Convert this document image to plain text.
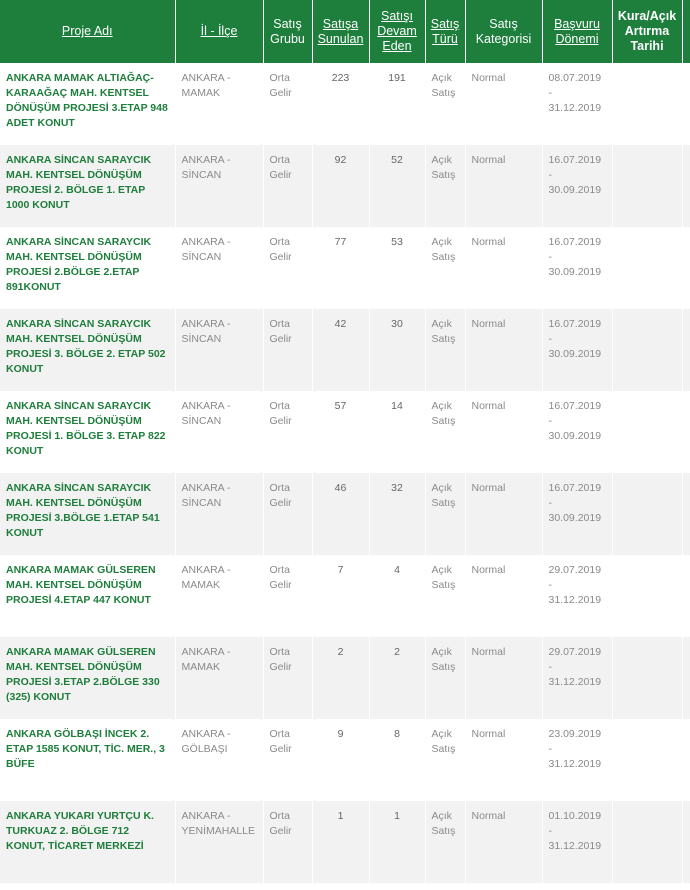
Proje Adı	İl - İlçe	Satış Grubu	Satışa Sunulan	Satışı Devam Eden	Satış Türü	Satış Kategorisi	Başvuru Dönemi	Kura/Açık Artırma Tarihi	
ANKARA MAMAK ALTIAĞAÇ-KARAAĞAÇ MAH. KENTSEL DÖNÜŞÜM PROJESİ 3.ETAP 948 ADET KONUT	ANKARA - MAMAK	Orta Gelir	223	191	Açık Satış	Normal	08.07.2019
-
31.12.2019		

ANKARA SİNCAN SARAYCIK MAH. KENTSEL DÖNÜŞÜM PROJESİ 2. BÖLGE 1. ETAP 1000 KONUT	ANKARA - SİNCAN	Orta Gelir	92	52	Açık Satış	Normal	16.07.2019
-
30.09.2019		

ANKARA SİNCAN SARAYCIK MAH. KENTSEL DÖNÜŞÜM PROJESİ 2.BÖLGE 2.ETAP 891KONUT	ANKARA - SİNCAN	Orta Gelir	77	53	Açık Satış	Normal	16.07.2019
-
30.09.2019		

ANKARA SİNCAN SARAYCIK MAH. KENTSEL DÖNÜŞÜM PROJESİ 3. BÖLGE 2. ETAP 502 KONUT	ANKARA - SİNCAN	Orta Gelir	42	30	Açık Satış	Normal	16.07.2019
-
30.09.2019		

ANKARA SİNCAN SARAYCIK MAH. KENTSEL DÖNÜŞÜM PROJESİ 1. BÖLGE 3. ETAP 822 KONUT	ANKARA - SİNCAN	Orta Gelir	57	14	Açık Satış	Normal	16.07.2019
-
30.09.2019		

ANKARA SİNCAN SARAYCIK MAH. KENTSEL DÖNÜŞÜM PROJESİ 3.BÖLGE 1.ETAP 541 KONUT	ANKARA - SİNCAN	Orta Gelir	46	32	Açık Satış	Normal	16.07.2019
-
30.09.2019		

ANKARA MAMAK GÜLSEREN MAH. KENTSEL DÖNÜŞÜM PROJESİ 4.ETAP 447 KONUT	ANKARA - MAMAK	Orta Gelir	7	4	Açık Satış	Normal	29.07.2019
-
31.12.2019		

ANKARA MAMAK GÜLSEREN MAH. KENTSEL DÖNÜŞÜM PROJESİ 3.ETAP 2.BÖLGE 330 (325) KONUT	ANKARA - MAMAK	Orta Gelir	2	2	Açık Satış	Normal	29.07.2019
-
31.12.2019		

ANKARA GÖLBAŞI İNCEK 2. ETAP 1585 KONUT, TİC. MER., 3 BÜFE	ANKARA - GÖLBAŞI	Orta Gelir	9	8	Açık Satış	Normal	23.09.2019
-
31.12.2019		

ANKARA YUKARI YURTÇU K. TURKUAZ 2. BÖLGE 712 KONUT, TİCARET MERKEZİ	ANKARA - YENİMAHALLE	Orta Gelir	1	1	Açık Satış	Normal	01.10.2019
-
31.12.2019		
